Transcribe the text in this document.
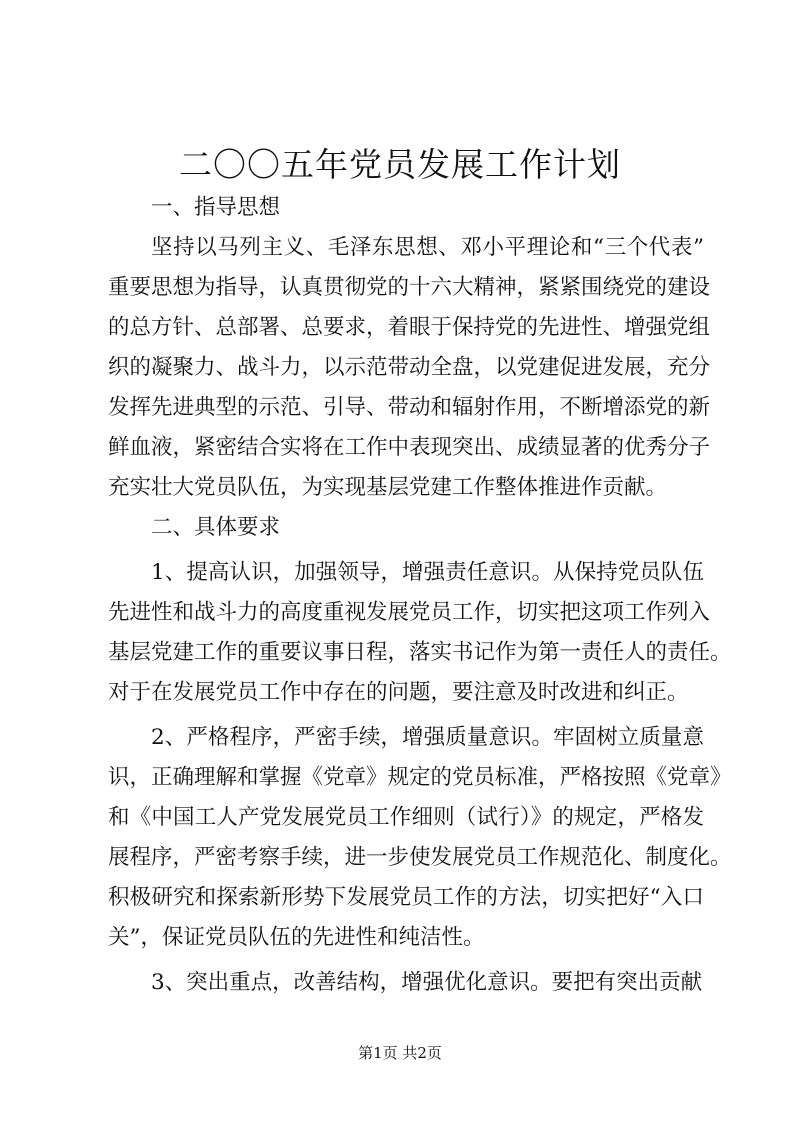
二〇〇五年党员发展工作计划
一、指导思想
坚持以马列主义、毛泽东思想、邓小平理论和“三个代表”
重要思想为指导，认真贯彻党的十六大精神，紧紧围绕党的建设
的总方针、总部署、总要求，着眼于保持党的先进性、增强党组
织的凝聚力、战斗力，以示范带动全盘，以党建促进发展，充分
发挥先进典型的示范、引导、带动和辐射作用，不断增添党的新
鲜血液，紧密结合实将在工作中表现突出、成绩显著的优秀分子
充实壮大党员队伍，为实现基层党建工作整体推进作贡献。
二、具体要求
1、提高认识，加强领导，增强责任意识。从保持党员队伍
先进性和战斗力的高度重视发展党员工作，切实把这项工作列入
基层党建工作的重要议事日程，落实书记作为第一责任人的责任。
对于在发展党员工作中存在的问题，要注意及时改进和纠正。
2、严格程序，严密手续，增强质量意识。牢固树立质量意
识，正确理解和掌握《党章》规定的党员标准，严格按照《党章》
和《中国工人产党发展党员工作细则（试行）》的规定，严格发
展程序，严密考察手续，进一步使发展党员工作规范化、制度化。
积极研究和探索新形势下发展党员工作的方法，切实把好“入口
关”，保证党员队伍的先进性和纯洁性。
3、突出重点，改善结构，增强优化意识。要把有突出贡献
第1页 共2页
